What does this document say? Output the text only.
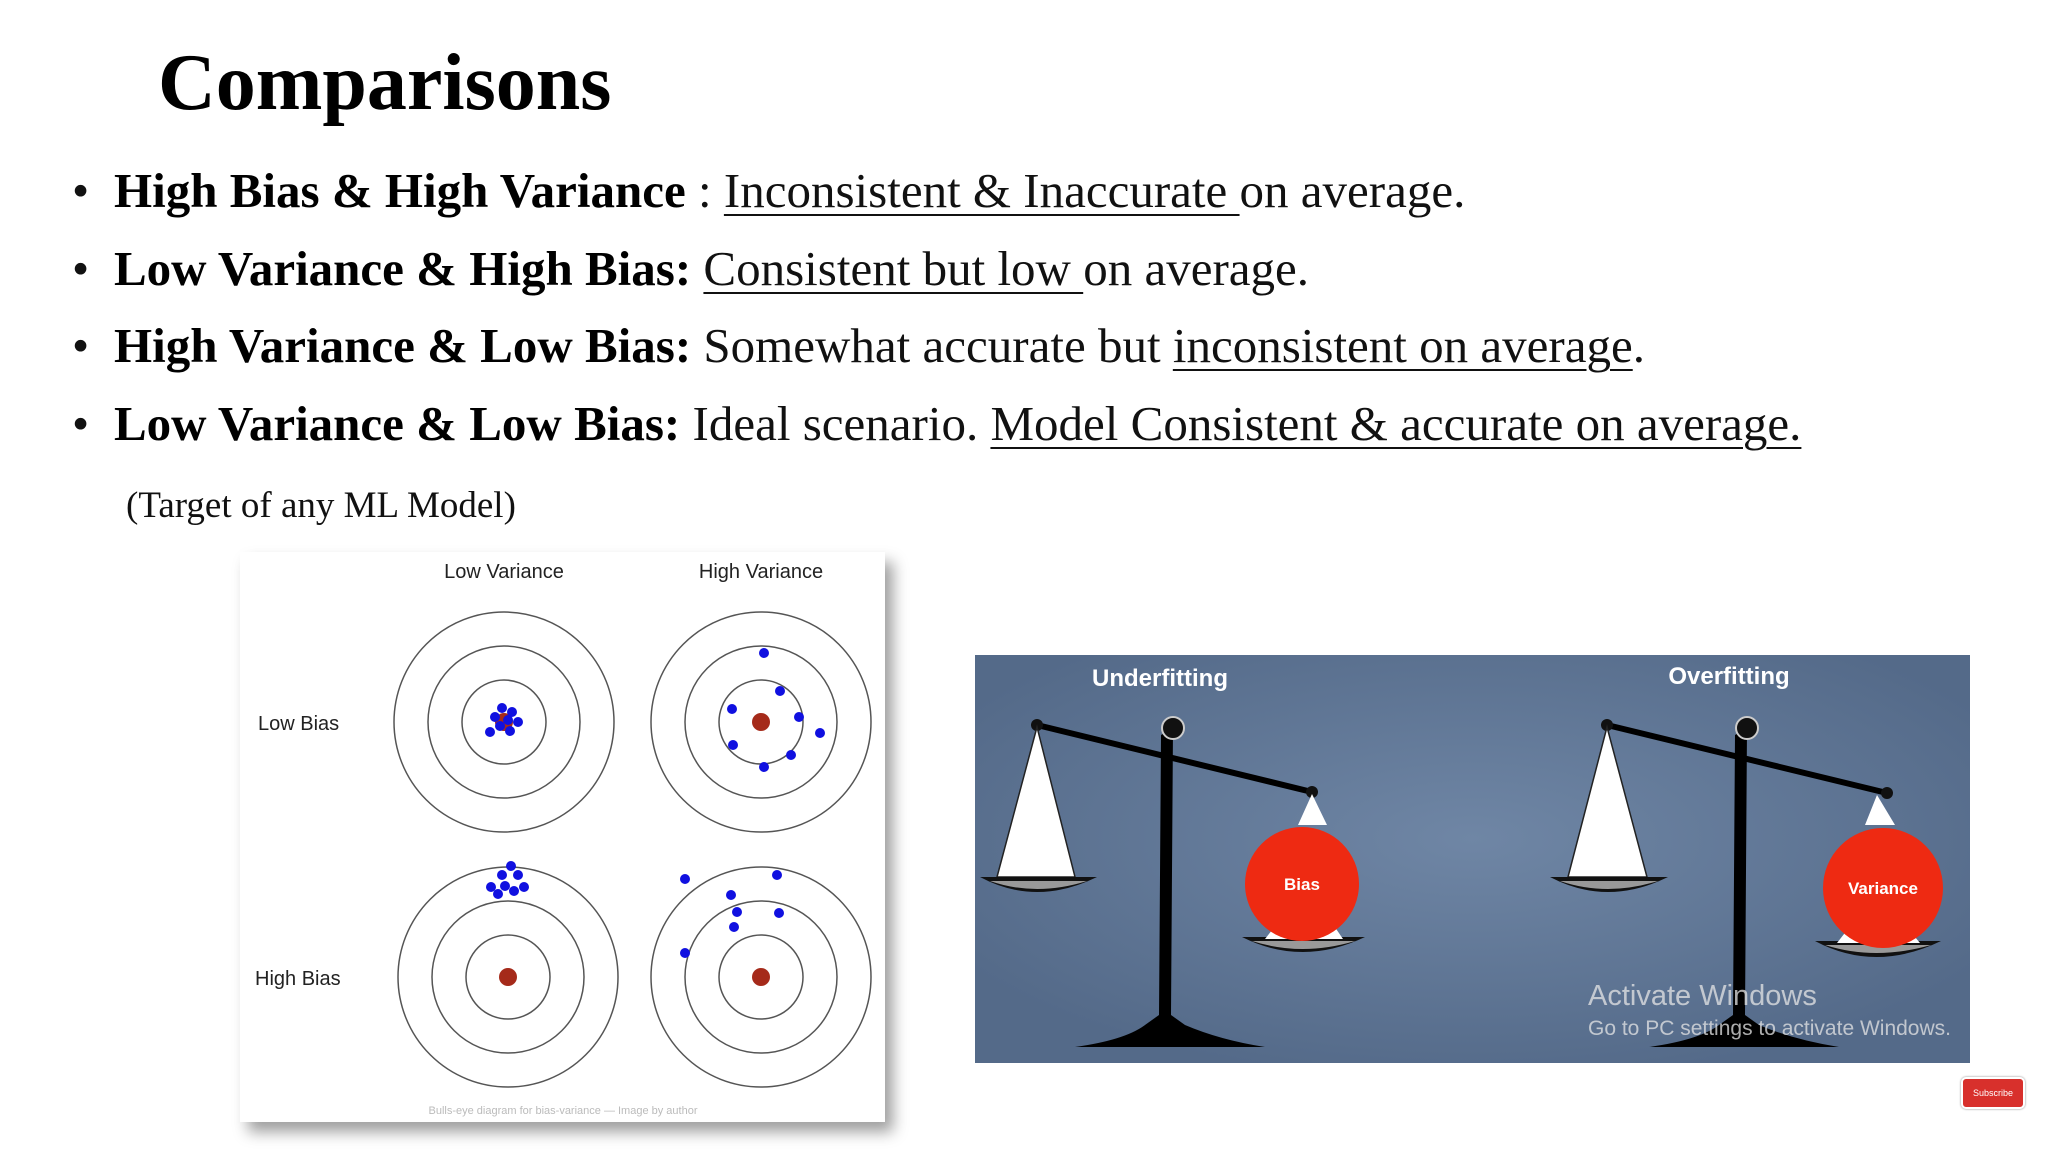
Comparisons
• High Bias & High Variance : Inconsistent & Inaccurate on average.
• Low Variance & High Bias: Consistent but low on average.
• High Variance & Low Bias: Somewhat accurate but inconsistent on average.
• Low Variance & Low Bias: Ideal scenario. Model Consistent & accurate on average.
(Target of any ML Model)
Low Variance	High Variance
Low Bias
High Bias
Bulls-eye diagram for bias-variance — Image by author
Underfitting	Overfitting
Bias	Variance
Activate Windows
Go to PC settings to activate Windows.
Subscribe
